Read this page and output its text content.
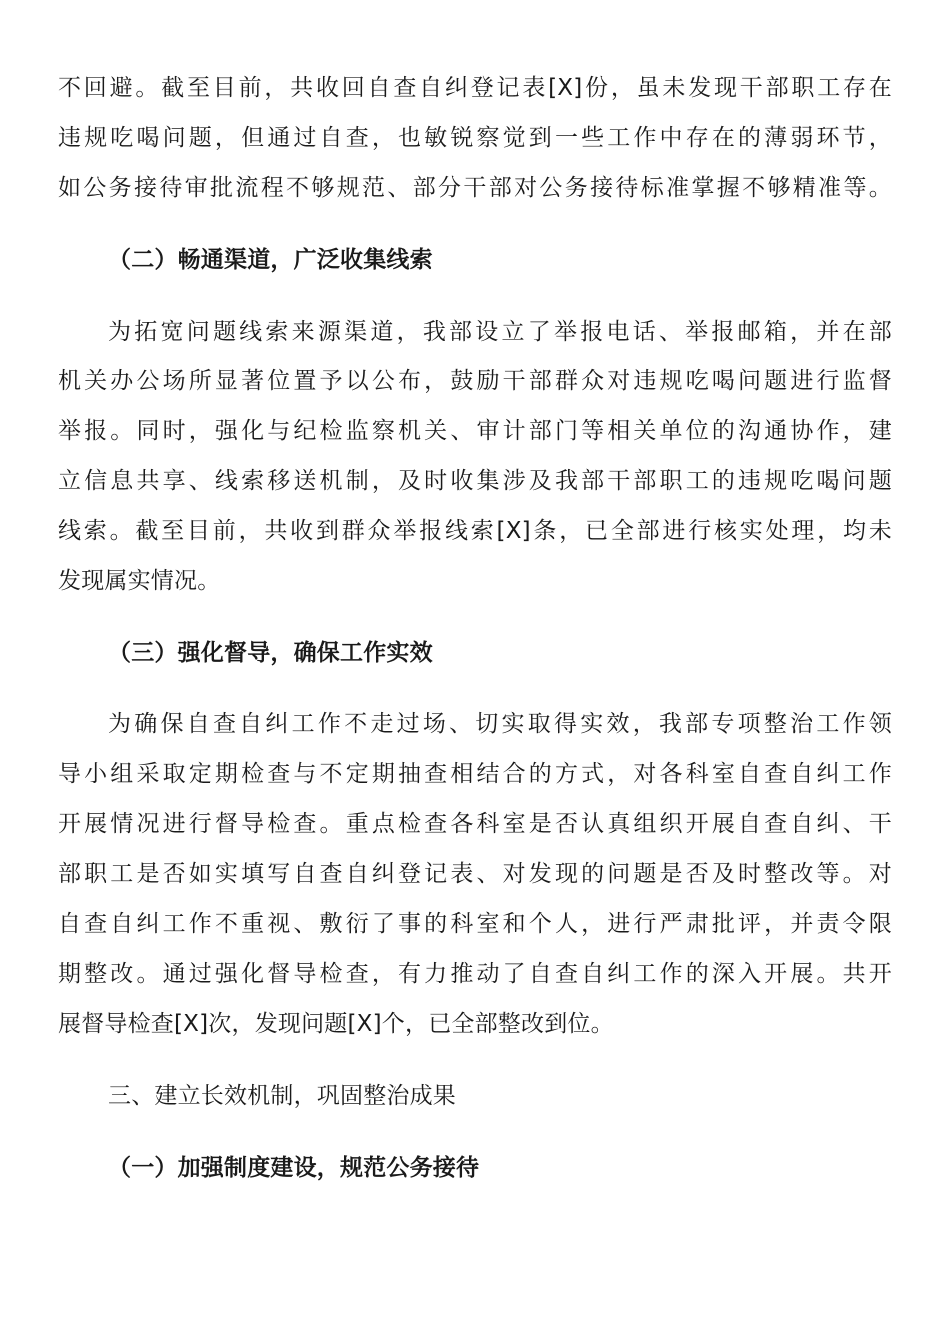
不回避。截至目前，共收回自查自纠登记表[X]份，虽未发现干部职工存在
违规吃喝问题，但通过自查，也敏锐察觉到一些工作中存在的薄弱环节，
如公务接待审批流程不够规范、部分干部对公务接待标准掌握不够精准等。
（二）畅通渠道，广泛收集线索
为拓宽问题线索来源渠道，我部设立了举报电话、举报邮箱，并在部
机关办公场所显著位置予以公布，鼓励干部群众对违规吃喝问题进行监督
举报。同时，强化与纪检监察机关、审计部门等相关单位的沟通协作，建
立信息共享、线索移送机制，及时收集涉及我部干部职工的违规吃喝问题
线索。截至目前，共收到群众举报线索[X]条，已全部进行核实处理，均未
发现属实情况。
（三）强化督导，确保工作实效
为确保自查自纠工作不走过场、切实取得实效，我部专项整治工作领
导小组采取定期检查与不定期抽查相结合的方式，对各科室自查自纠工作
开展情况进行督导检查。重点检查各科室是否认真组织开展自查自纠、干
部职工是否如实填写自查自纠登记表、对发现的问题是否及时整改等。对
自查自纠工作不重视、敷衍了事的科室和个人，进行严肃批评，并责令限
期整改。通过强化督导检查，有力推动了自查自纠工作的深入开展。共开
展督导检查[X]次，发现问题[X]个，已全部整改到位。
三、建立长效机制，巩固整治成果
（一）加强制度建设，规范公务接待
